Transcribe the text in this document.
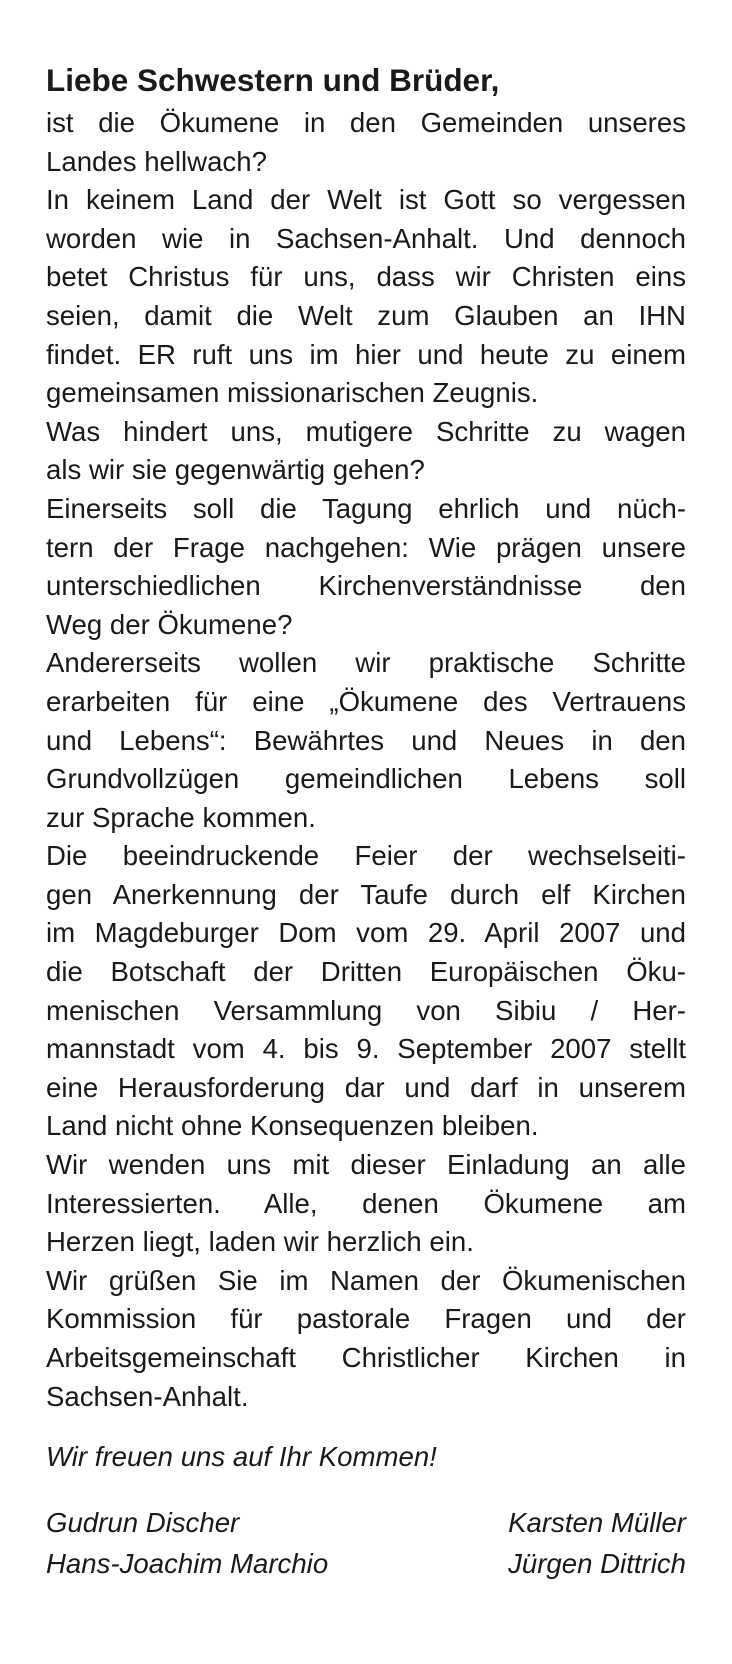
Liebe Schwestern und Brüder,
ist die Ökumene in den Gemeinden unseres
Landes hellwach?
In keinem Land der Welt ist Gott so vergessen
worden wie in Sachsen-Anhalt. Und dennoch
betet Christus für uns, dass wir Christen eins
seien, damit die Welt zum Glauben an IHN
findet. ER ruft uns im hier und heute zu einem
gemeinsamen missionarischen Zeugnis.
Was hindert uns, mutigere Schritte zu wagen
als wir sie gegenwärtig gehen?
Einerseits soll die Tagung ehrlich und nüch-
tern der Frage nachgehen: Wie prägen unsere
unterschiedlichen Kirchenverständnisse den
Weg der Ökumene?
Andererseits wollen wir praktische Schritte
erarbeiten für eine „Ökumene des Vertrauens
und Lebens“: Bewährtes und Neues in den
Grundvollzügen gemeindlichen Lebens soll
zur Sprache kommen.
Die beeindruckende Feier der wechselseiti-
gen Anerkennung der Taufe durch elf Kirchen
im Magdeburger Dom vom 29. April 2007 und
die Botschaft der Dritten Europäischen Öku-
menischen Versammlung von Sibiu / Her-
mannstadt vom 4. bis 9. September 2007 stellt
eine Herausforderung dar und darf in unserem
Land nicht ohne Konsequenzen bleiben.
Wir wenden uns mit dieser Einladung an alle
Interessierten. Alle, denen Ökumene am
Herzen liegt, laden wir herzlich ein.
Wir grüßen Sie im Namen der Ökumenischen
Kommission für pastorale Fragen und der
Arbeitsgemeinschaft Christlicher Kirchen in
Sachsen-Anhalt.
Wir freuen uns auf Ihr Kommen!
Gudrun Discher	Karsten Müller
Hans-Joachim Marchio	Jürgen Dittrich
